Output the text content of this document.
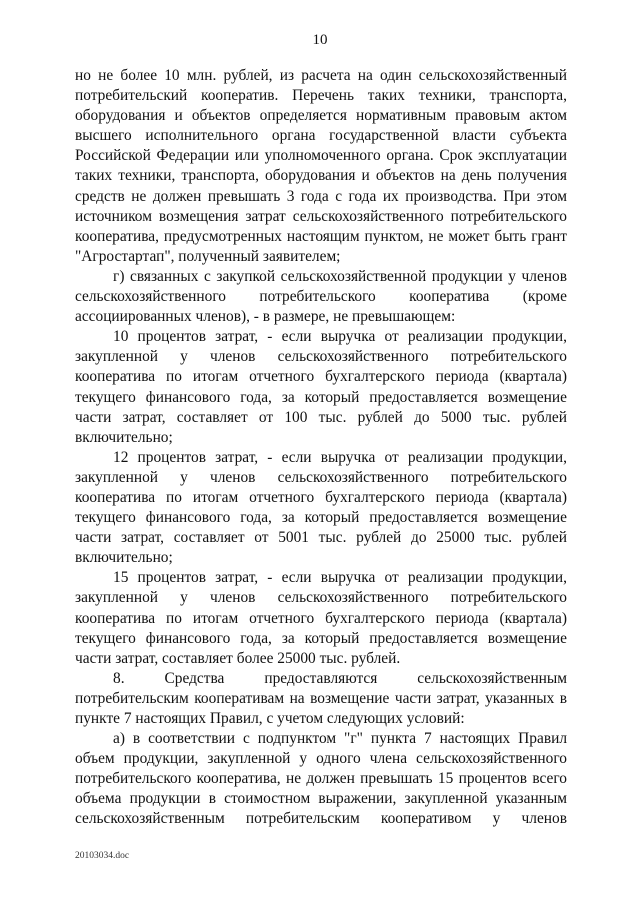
10

но не более 10 млн. рублей, из расчета на один сельскохозяйственный потребительский кооператив. Перечень таких техники, транспорта, оборудования и объектов определяется нормативным правовым актом высшего исполнительного органа государственной власти субъекта Российской Федерации или уполномоченного органа. Срок эксплуатации таких техники, транспорта, оборудования и объектов на день получения средств не должен превышать 3 года с года их производства. При этом источником возмещения затрат сельскохозяйственного потребительского кооператива, предусмотренных настоящим пунктом, не может быть грант "Агростартап", полученный заявителем;

г) связанных с закупкой сельскохозяйственной продукции у членов сельскохозяйственного потребительского кооператива (кроме ассоциированных членов), - в размере, не превышающем:

10 процентов затрат, - если выручка от реализации продукции, закупленной у членов сельскохозяйственного потребительского кооператива по итогам отчетного бухгалтерского периода (квартала) текущего финансового года, за который предоставляется возмещение части затрат, составляет от 100 тыс. рублей до 5000 тыс. рублей включительно;

12 процентов затрат, - если выручка от реализации продукции, закупленной у членов сельскохозяйственного потребительского кооператива по итогам отчетного бухгалтерского периода (квартала) текущего финансового года, за который предоставляется возмещение части затрат, составляет от 5001 тыс. рублей до 25000 тыс. рублей включительно;

15 процентов затрат, - если выручка от реализации продукции, закупленной у членов сельскохозяйственного потребительского кооператива по итогам отчетного бухгалтерского периода (квартала) текущего финансового года, за который предоставляется возмещение части затрат, составляет более 25000 тыс. рублей.

8. Средства предоставляются сельскохозяйственным потребительским кооперативам на возмещение части затрат, указанных в пункте 7 настоящих Правил, с учетом следующих условий:

а) в соответствии с подпунктом "г" пункта 7 настоящих Правил объем продукции, закупленной у одного члена сельскохозяйственного потребительского кооператива, не должен превышать 15 процентов всего объема продукции в стоимостном выражении, закупленной указанным сельскохозяйственным потребительским кооперативом у членов

20103034.doc
